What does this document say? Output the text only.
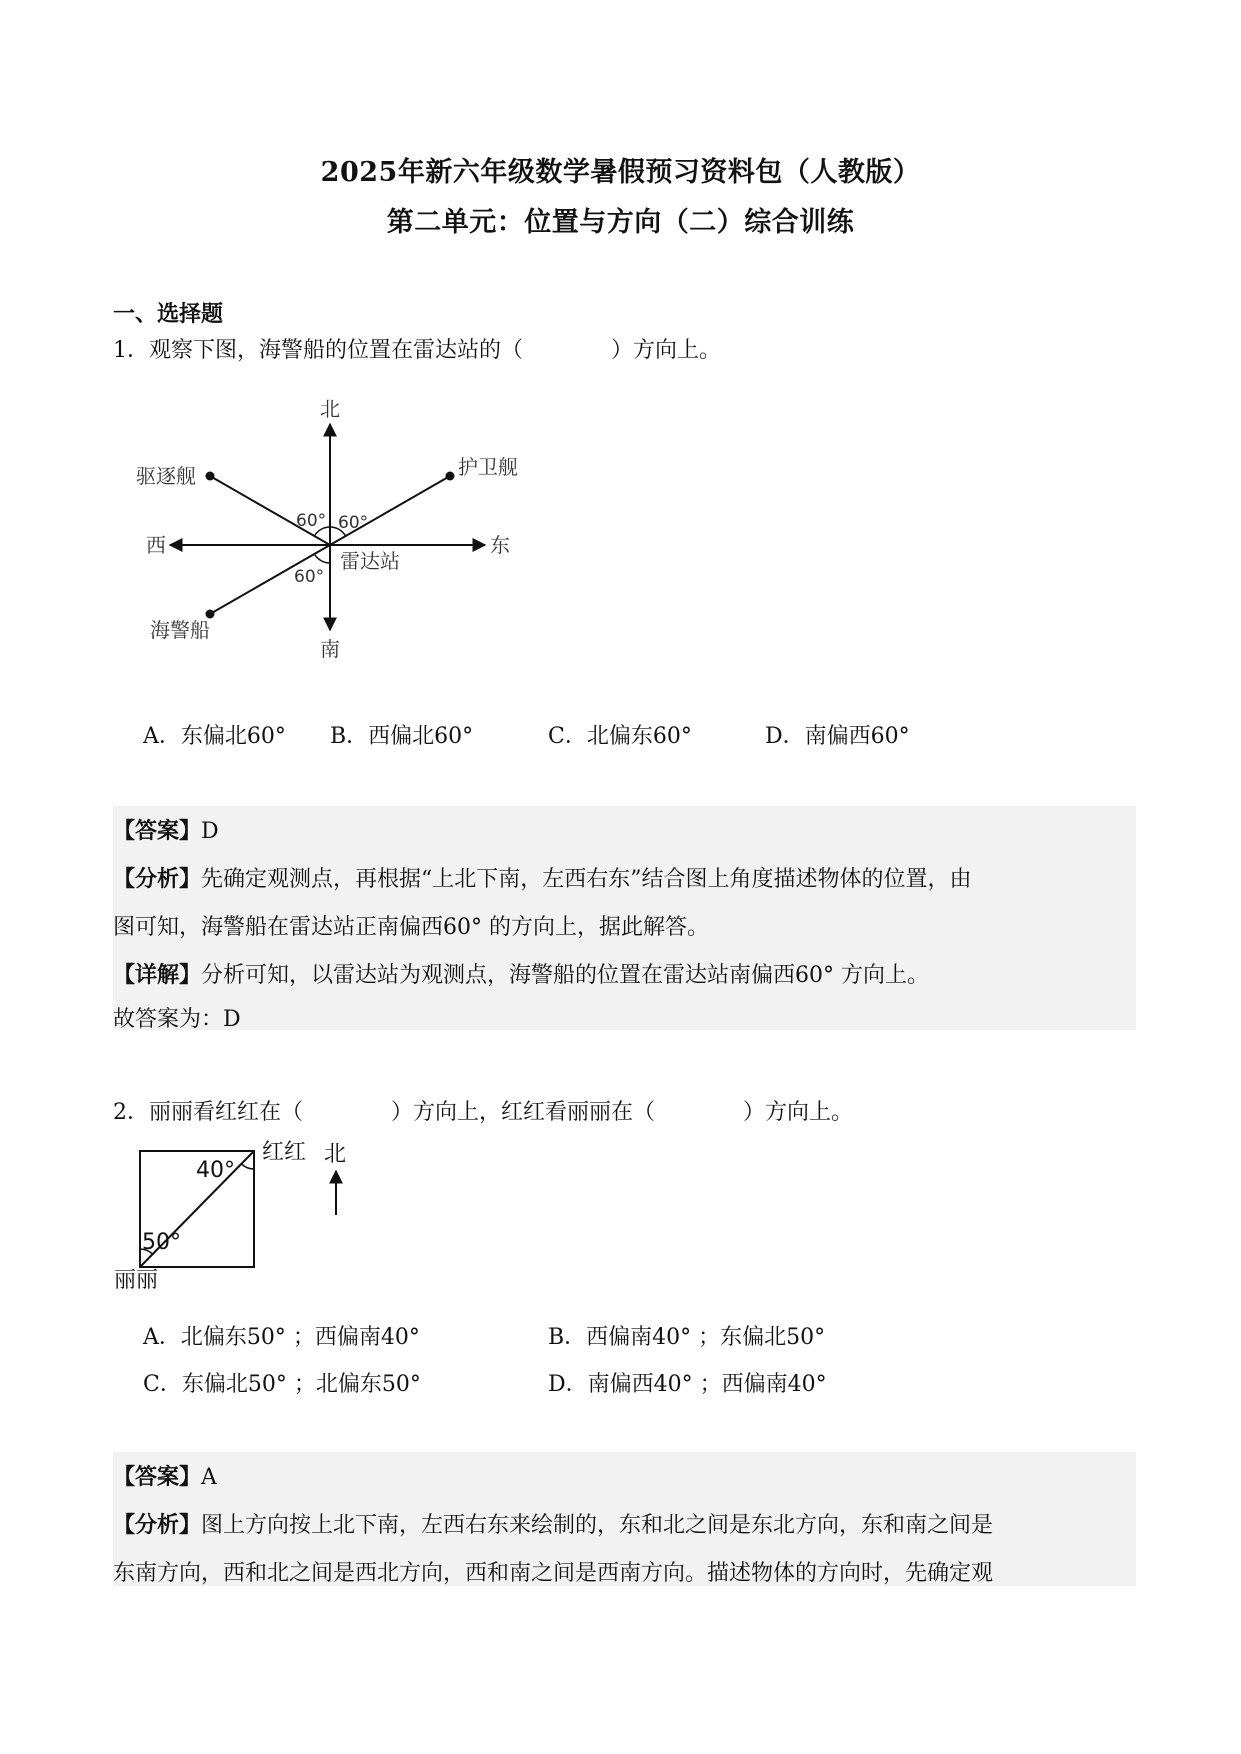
2025年新六年级数学暑假预习资料包（人教版）
第二单元：位置与方向（二）综合训练
一、选择题
1．观察下图，海警船的位置在雷达站的（　　　　）方向上。
北
南
西	东
驱逐舰	护卫舰
海警船
雷达站
60° 60°
60°
A．东偏北60° B．西偏北60°	C．北偏东60°	D．南偏西60°
【答案】D
【分析】先确定观测点，再根据“上北下南，左西右东”结合图上角度描述物体的位置，由
图可知，海警船在雷达站正南偏西60° 的方向上，据此解答。
【详解】分析可知，以雷达站为观测点，海警船的位置在雷达站南偏西60° 方向上。
故答案为：D
2．丽丽看红红在（　　　　）方向上，红红看丽丽在（　　　　）方向上。
40°
50°
红红 北
丽丽
A．北偏东50° ；西偏南40°	B．西偏南40° ；东偏北50°
C．东偏北50° ；北偏东50°	D．南偏西40° ；西偏南40°
【答案】A
【分析】图上方向按上北下南，左西右东来绘制的，东和北之间是东北方向，东和南之间是
东南方向，西和北之间是西北方向，西和南之间是西南方向。描述物体的方向时，先确定观
